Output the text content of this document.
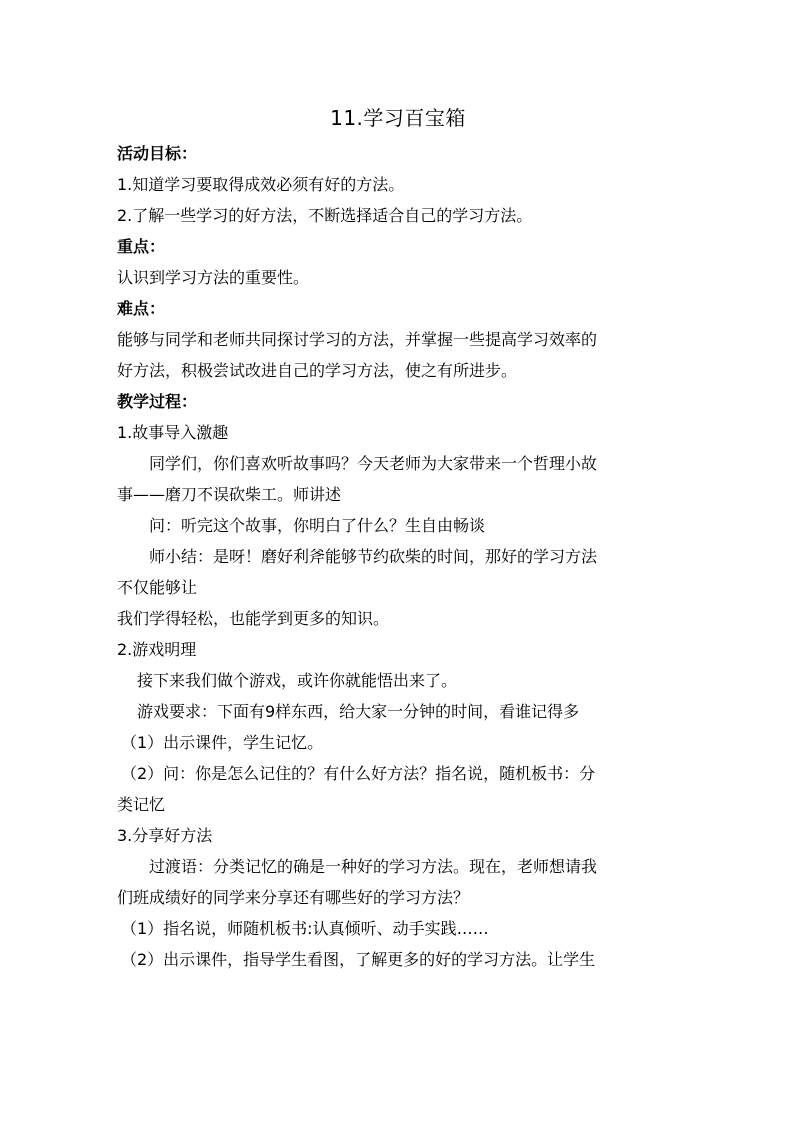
11.学习百宝箱
活动目标：
1.知道学习要取得成效必须有好的方法。
2.了解一些学习的好方法，不断选择适合自己的学习方法。
重点：
认识到学习方法的重要性。
难点：
能够与同学和老师共同探讨学习的方法，并掌握一些提高学习效率的
好方法，积极尝试改进自己的学习方法，使之有所进步。
教学过程：
1.故事导入激趣
同学们，你们喜欢听故事吗？今天老师为大家带来一个哲理小故
事——磨刀不误砍柴工。师讲述
问：听完这个故事，你明白了什么？生自由畅谈
师小结：是呀！磨好利斧能够节约砍柴的时间，那好的学习方法
不仅能够让
我们学得轻松，也能学到更多的知识。
2.游戏明理
接下来我们做个游戏，或许你就能悟出来了。
游戏要求：下面有9样东西，给大家一分钟的时间，看谁记得多
（1）出示课件，学生记忆。
（2）问：你是怎么记住的？有什么好方法？指名说，随机板书：分
类记忆
3.分享好方法
过渡语：分类记忆的确是一种好的学习方法。现在，老师想请我
们班成绩好的同学来分享还有哪些好的学习方法？
（1）指名说，师随机板书:认真倾听、动手实践……
（2）出示课件，指导学生看图，了解更多的好的学习方法。让学生
